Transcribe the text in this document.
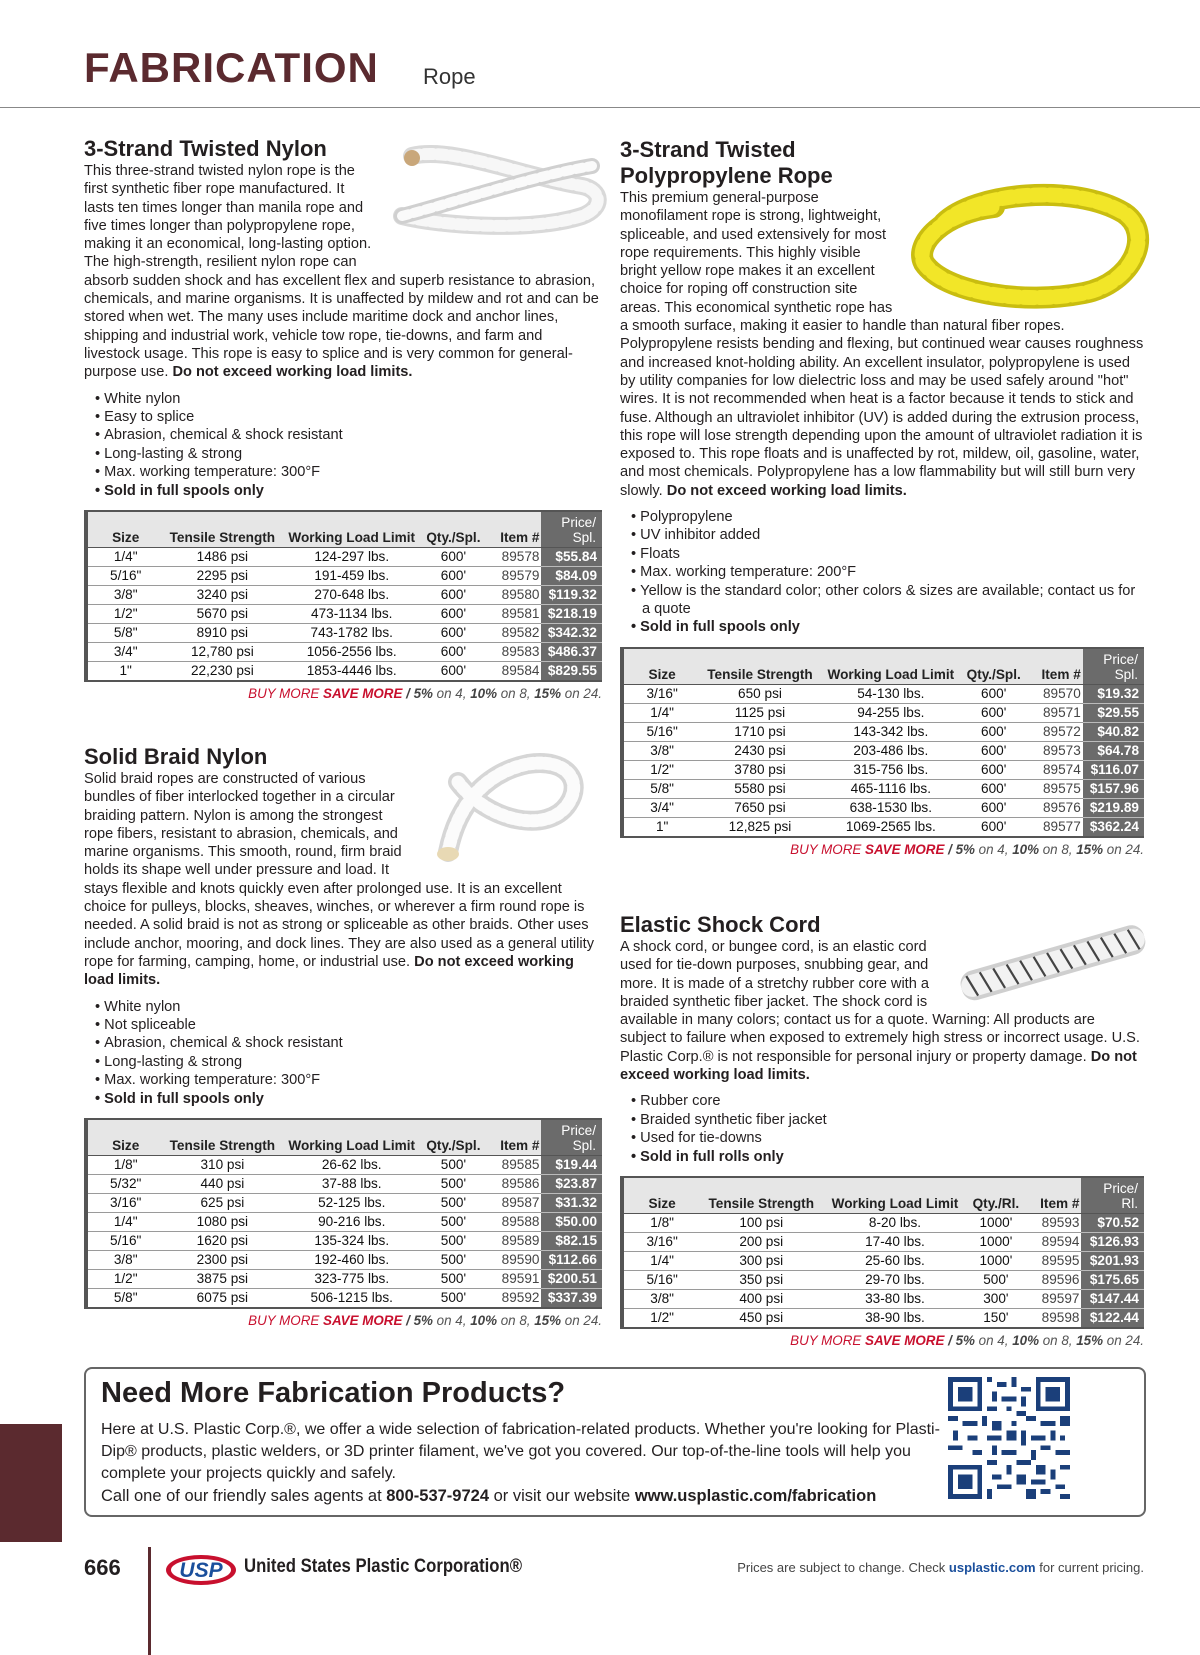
FABRICATION Rope
3-Strand Twisted Nylon

This three-strand twisted nylon rope is the first synthetic fiber rope manufactured. It lasts ten times longer than manila rope and five times longer than polypropylene rope, making it an economical, long-lasting option. The high-strength, resilient nylon rope can absorb sudden shock and has excellent flex and superb resistance to abrasion, chemicals, and marine organisms. It is unaffected by mildew and rot and can be stored when wet. The many uses include maritime dock and anchor lines, shipping and industrial work, vehicle tow rope, tie-downs, and farm and livestock usage. This rope is easy to splice and is very common for general-purpose use. Do not exceed working load limits.

• White nylon
• Easy to splice
• Abrasion, chemical & shock resistant
• Long-lasting & strong
• Max. working temperature: 300°F
• Sold in full spools only
Size	Tensile Strength	Working Load Limit	Qty./Spl.	Item #	Price/
Spl.
1/4"	1486 psi	124-297 lbs.	600'	89578	$55.84
5/16"	2295 psi	191-459 lbs.	600'	89579	$84.09
3/8"	3240 psi	270-648 lbs.	600'	89580	$119.32
1/2"	5670 psi	473-1134 lbs.	600'	89581	$218.19
5/8"	8910 psi	743-1782 lbs.	600'	89582	$342.32
3/4"	12,780 psi	1056-2556 lbs.	600'	89583	$486.37
1"	22,230 psi	1853-4446 lbs.	600'	89584	$829.55
BUY MORE SAVE MORE / 5% on 4, 10% on 8, 15% on 24.
Solid Braid Nylon

Solid braid ropes are constructed of various bundles of fiber interlocked together in a circular braiding pattern. Nylon is among the strongest rope fibers, resistant to abrasion, chemicals, and marine organisms. This smooth, round, firm braid holds its shape well under pressure and load. It stays flexible and knots quickly even after prolonged use. It is an excellent choice for pulleys, blocks, sheaves, winches, or wherever a firm round rope is needed. A solid braid is not as strong or spliceable as other braids. Other uses include anchor, mooring, and dock lines. They are also used as a general utility rope for farming, camping, home, or industrial use. Do not exceed working load limits.

• White nylon
• Not spliceable
• Abrasion, chemical & shock resistant
• Long-lasting & strong
• Max. working temperature: 300°F
• Sold in full spools only
Size	Tensile Strength	Working Load Limit	Qty./Spl.	Item #	Price/
Spl.
1/8"	310 psi	26-62 lbs.	500'	89585	$19.44
5/32"	440 psi	37-88 lbs.	500'	89586	$23.87
3/16"	625 psi	52-125 lbs.	500'	89587	$31.32
1/4"	1080 psi	90-216 lbs.	500'	89588	$50.00
5/16"	1620 psi	135-324 lbs.	500'	89589	$82.15
3/8"	2300 psi	192-460 lbs.	500'	89590	$112.66
1/2"	3875 psi	323-775 lbs.	500'	89591	$200.51
5/8"	6075 psi	506-1215 lbs.	500'	89592	$337.39
BUY MORE SAVE MORE / 5% on 4, 10% on 8, 15% on 24.
3-Strand Twisted Polypropylene Rope

This premium general-purpose monofilament rope is strong, lightweight, spliceable, and used extensively for most rope requirements. This highly visible bright yellow rope makes it an excellent choice for roping off construction site areas. This economical synthetic rope has a smooth surface, making it easier to handle than natural fiber ropes. Polypropylene resists bending and flexing, but continued wear causes roughness and increased knot-holding ability. An excellent insulator, polypropylene is used by utility companies for low dielectric loss and may be used safely around "hot" wires. It is not recommended when heat is a factor because it tends to stick and fuse. Although an ultraviolet inhibitor (UV) is added during the extrusion process, this rope will lose strength depending upon the amount of ultraviolet radiation it is exposed to. This rope floats and is unaffected by rot, mildew, oil, gasoline, water, and most chemicals. Polypropylene has a low flammability but will still burn very slowly. Do not exceed working load limits.

• Polypropylene
• UV inhibitor added
• Floats
• Max. working temperature: 200°F
• Yellow is the standard color; other colors & sizes are available; contact us for a quote
• Sold in full spools only
Size	Tensile Strength	Working Load Limit	Qty./Spl.	Item #	Price/
Spl.
3/16"	650 psi	54-130 lbs.	600'	89570	$19.32
1/4"	1125 psi	94-255 lbs.	600'	89571	$29.55
5/16"	1710 psi	143-342 lbs.	600'	89572	$40.82
3/8"	2430 psi	203-486 lbs.	600'	89573	$64.78
1/2"	3780 psi	315-756 lbs.	600'	89574	$116.07
5/8"	5580 psi	465-1116 lbs.	600'	89575	$157.96
3/4"	7650 psi	638-1530 lbs.	600'	89576	$219.89
1"	12,825 psi	1069-2565 lbs.	600'	89577	$362.24
BUY MORE SAVE MORE / 5% on 4, 10% on 8, 15% on 24.
Elastic Shock Cord

A shock cord, or bungee cord, is an elastic cord used for tie-down purposes, snubbing gear, and more. It is made of a stretchy rubber core with a braided synthetic fiber jacket. The shock cord is available in many colors; contact us for a quote. Warning: All products are subject to failure when exposed to extremely high stress or incorrect usage. U.S. Plastic Corp.® is not responsible for personal injury or property damage. Do not exceed working load limits.

• Rubber core
• Braided synthetic fiber jacket
• Used for tie-downs
• Sold in full rolls only
Size	Tensile Strength	Working Load Limit	Qty./Rl.	Item #	Price/
Rl.
1/8"	100 psi	8-20 lbs.	1000'	89593	$70.52
3/16"	200 psi	17-40 lbs.	1000'	89594	$126.93
1/4"	300 psi	25-60 lbs.	1000'	89595	$201.93
5/16"	350 psi	29-70 lbs.	500'	89596	$175.65
3/8"	400 psi	33-80 lbs.	300'	89597	$147.44
1/2"	450 psi	38-90 lbs.	150'	89598	$122.44
BUY MORE SAVE MORE / 5% on 4, 10% on 8, 15% on 24.
Need More Fabrication Products?
Here at U.S. Plastic Corp.®, we offer a wide selection of fabrication-related products. Whether you're looking for Plasti-Dip® products, plastic welders, or 3D printer filament, we've got you covered. Our top-of-the-line tools will help you complete your projects quickly and safely.
Call one of our friendly sales agents at 800-537-9724 or visit our website www.usplastic.com/fabrication
666	USP United States Plastic Corporation®	Prices are subject to change. Check usplastic.com for current pricing.
